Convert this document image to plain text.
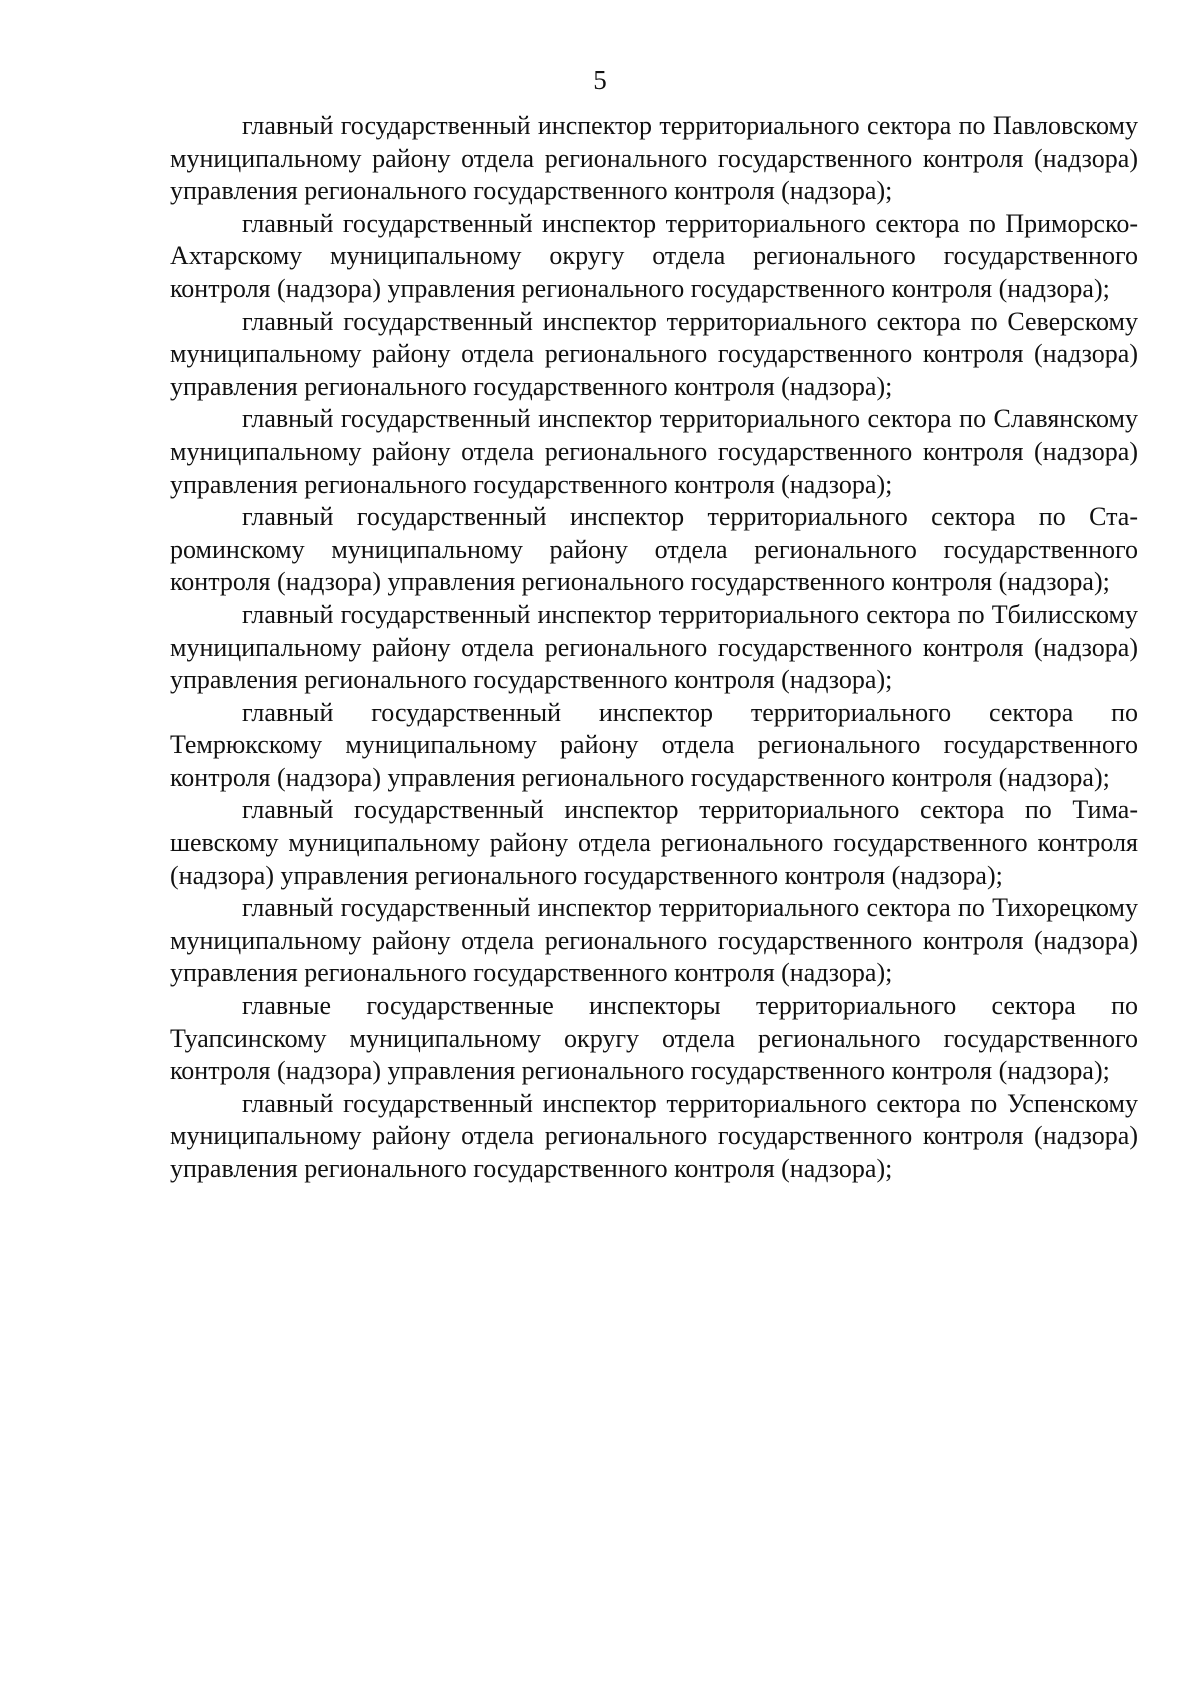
5

главный государственный инспектор территориального сектора по Павловскому муниципальному району отдела регионального государственного контроля (надзора) управления регионального государственного контроля (надзора);

главный государственный инспектор территориального сектора по Приморско-Ахтарскому муниципальному округу отдела регионального государственного контроля (надзора) управления регионального государственного контроля (надзора);

главный государственный инспектор территориального сектора по Северскому муниципальному району отдела регионального государственного контроля (надзора) управления регионального государственного контроля (надзора);

главный государственный инспектор территориального сектора по Славянскому муниципальному району отдела регионального государственного контроля (надзора) управления регионального государственного контроля (надзора);

главный государственный инспектор территориального сектора по Староминскому муниципальному району отдела регионального государственного контроля (надзора) управления регионального государственного контроля (надзора);

главный государственный инспектор территориального сектора по Тбилисскому муниципальному району отдела регионального государственного контроля (надзора) управления регионального государственного контроля (надзора);

главный государственный инспектор территориального сектора по Темрюкскому муниципальному району отдела регионального государственного контроля (надзора) управления регионального государственного контроля (надзора);

главный государственный инспектор территориального сектора по Тимашевскому муниципальному району отдела регионального государственного контроля (надзора) управления регионального государственного контроля (надзора);

главный государственный инспектор территориального сектора по Тихорецкому муниципальному району отдела регионального государственного контроля (надзора) управления регионального государственного контроля (надзора);

главные государственные инспекторы территориального сектора по Туапсинскому муниципальному округу отдела регионального государственного контроля (надзора) управления регионального государственного контроля (надзора);

главный государственный инспектор территориального сектора по Успенскому муниципальному району отдела регионального государственного контроля (надзора) управления регионального государственного контроля (надзора);
